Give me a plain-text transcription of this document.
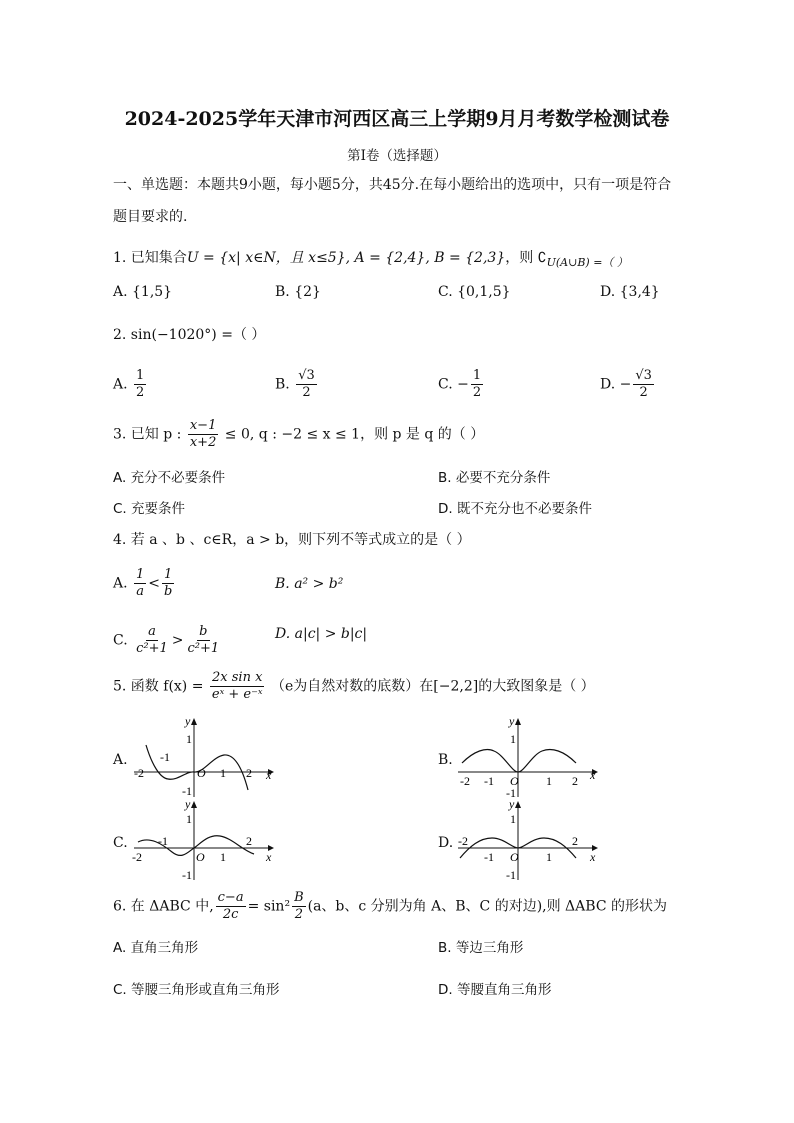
2024-2025学年天津市河西区高三上学期9月月考数学检测试卷
第Ⅰ卷（选择题）
一、单选题：本题共9小题，每小题5分，共45分.在每小题给出的选项中，只有一项是符合
题目要求的.
1. 已知集合U = {x| x∈N，且 x≤5}, A = {2,4}, B = {2,3}，则 $∁_{U(A\cup B) =( )}$
A. {1,5}	B. {2}	C. {0,1,5}	D. {3,4}
2. sin(−1020°) =（ ）
A. $\frac{1}{2}$	B. $\frac{√3}{2}$	C. − $\frac{1}{2}$	D. − $\frac{√3}{2}$
3. 已知 p : $\frac{x-1}{x+2} \le 0$, q : −2 ≤ x ≤ 1，则 p 是 q 的（ ）
A. 充分不必要条件	B. 必要不充分条件
C. 充要条件	D. 既不充分也不必要条件
4. 若 a 、b 、c∈R，a > b，则下列不等式成立的是（ ）
A. $\frac{1}{a} < \frac{1}{b}$	B. a² > b²
C. $\frac{a}{\text{c²+1}} > \frac{b}{\text{c²+1}}$	D. a|c| > b|c|
5. 函数 $f(x) = \frac{\text{2x sin x}}{\text{eˣ + e⁻ˣ}} (e$为自然对数的底数）在[−2,2]的大致图象是（ ）
A.	B.
C.	D.
x
y
O
1
-1
-2
-1
1 2	x
y
O
1
-1
-2 -1	1 2
x
y
O
1
-1
-2
-1
1
2
x
y
O
1
-1
-2
-1	1
2
6. 在 ΔABC 中, $\frac{c-a}{2c} = \sin^2 \frac{B}{2} (a$、b、c 分别为角 A、B、C 的对边),则 ΔABC 的形状为
A. 直角三角形	B. 等边三角形
C. 等腰三角形或直角三角形	D. 等腰直角三角形
